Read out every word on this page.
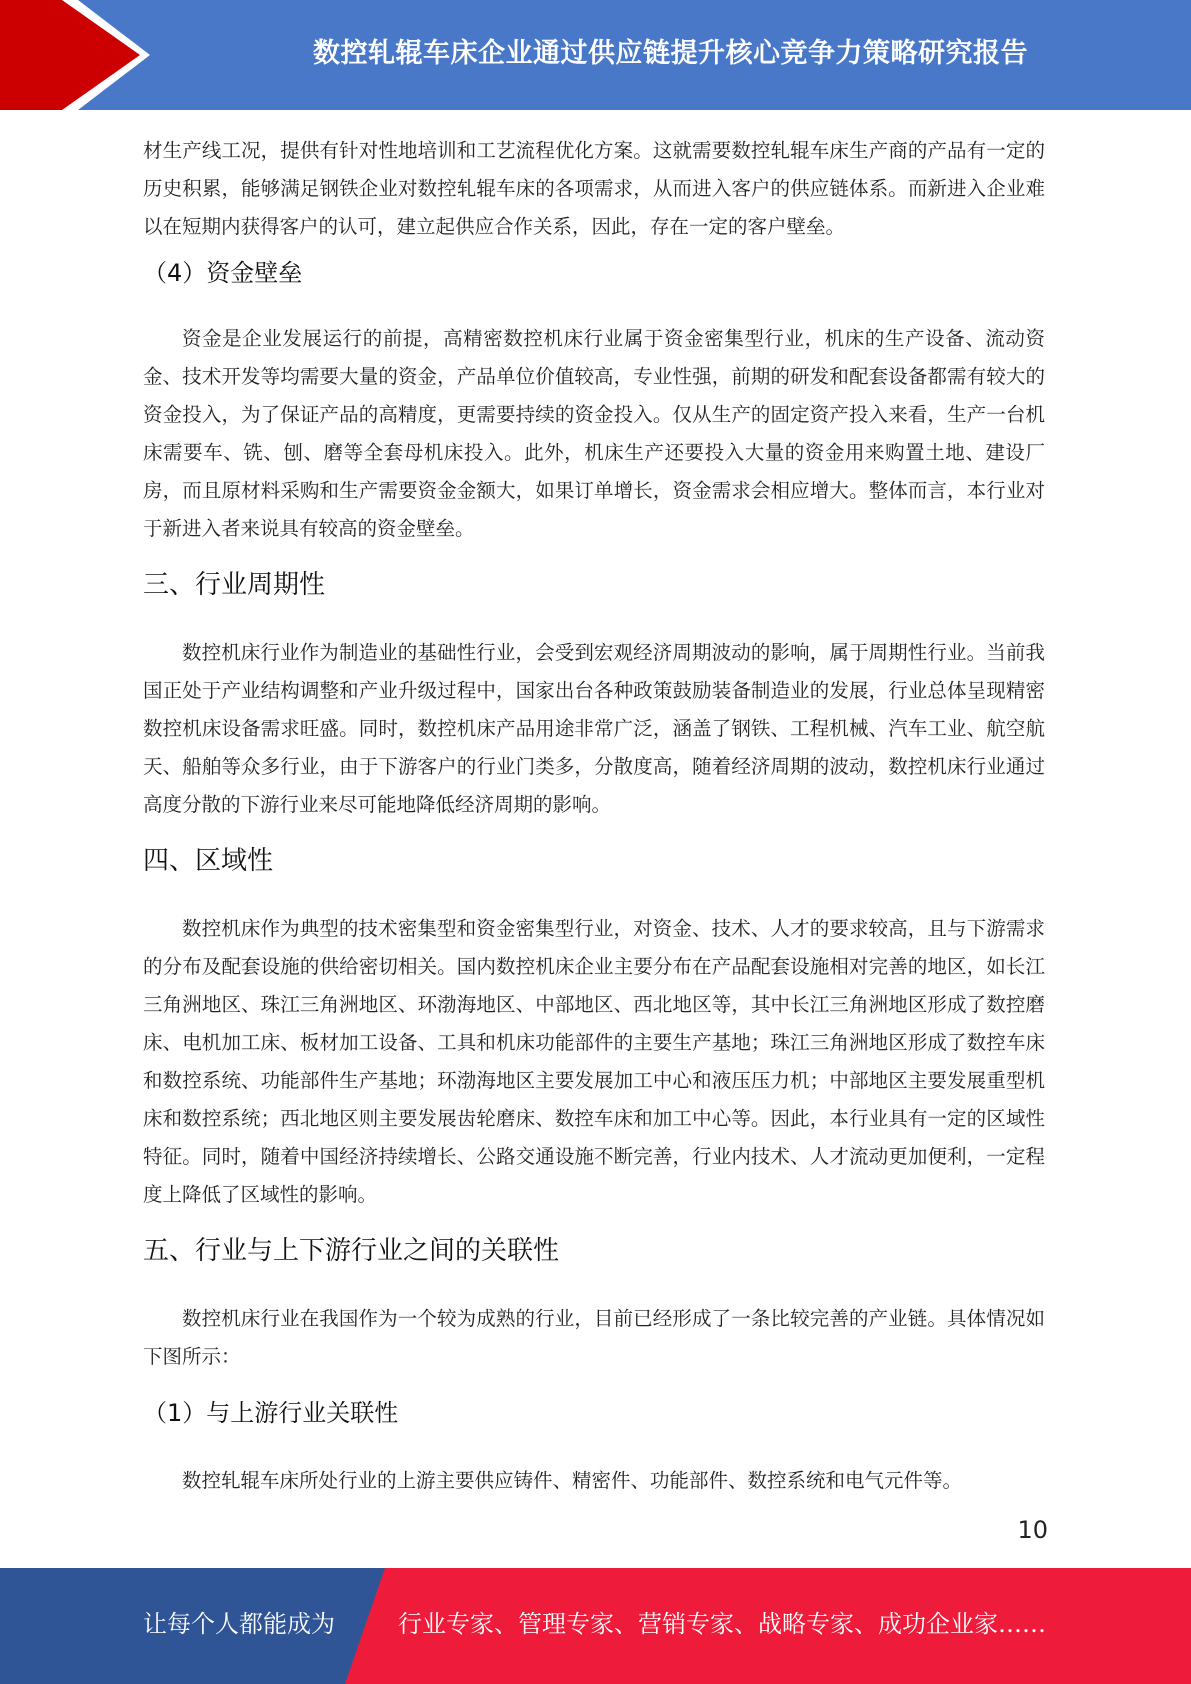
数控轧辊车床企业通过供应链提升核心竞争力策略研究报告

材生产线工况，提供有针对性地培训和工艺流程优化方案。这就需要数控轧辊车床生产商的产品有一定的历史积累，能够满足钢铁企业对数控轧辊车床的各项需求，从而进入客户的供应链体系。而新进入企业难以在短期内获得客户的认可，建立起供应合作关系，因此，存在一定的客户壁垒。

（4）资金壁垒

资金是企业发展运行的前提，高精密数控机床行业属于资金密集型行业，机床的生产设备、流动资金、技术开发等均需要大量的资金，产品单位价值较高，专业性强，前期的研发和配套设备都需有较大的资金投入，为了保证产品的高精度，更需要持续的资金投入。仅从生产的固定资产投入来看，生产一台机床需要车、铣、刨、磨等全套母机床投入。此外，机床生产还要投入大量的资金用来购置土地、建设厂房，而且原材料采购和生产需要资金金额大，如果订单增长，资金需求会相应增大。整体而言，本行业对于新进入者来说具有较高的资金壁垒。

三、行业周期性

数控机床行业作为制造业的基础性行业，会受到宏观经济周期波动的影响，属于周期性行业。当前我国正处于产业结构调整和产业升级过程中，国家出台各种政策鼓励装备制造业的发展，行业总体呈现精密数控机床设备需求旺盛。同时，数控机床产品用途非常广泛，涵盖了钢铁、工程机械、汽车工业、航空航天、船舶等众多行业，由于下游客户的行业门类多，分散度高，随着经济周期的波动，数控机床行业通过高度分散的下游行业来尽可能地降低经济周期的影响。

四、区域性

数控机床作为典型的技术密集型和资金密集型行业，对资金、技术、人才的要求较高，且与下游需求的分布及配套设施的供给密切相关。国内数控机床企业主要分布在产品配套设施相对完善的地区，如长江三角洲地区、珠江三角洲地区、环渤海地区、中部地区、西北地区等，其中长江三角洲地区形成了数控磨床、电机加工床、板材加工设备、工具和机床功能部件的主要生产基地；珠江三角洲地区形成了数控车床和数控系统、功能部件生产基地；环渤海地区主要发展加工中心和液压压力机；中部地区主要发展重型机床和数控系统；西北地区则主要发展齿轮磨床、数控车床和加工中心等。因此，本行业具有一定的区域性特征。同时，随着中国经济持续增长、公路交通设施不断完善，行业内技术、人才流动更加便利，一定程度上降低了区域性的影响。

五、行业与上下游行业之间的关联性

数控机床行业在我国作为一个较为成熟的行业，目前已经形成了一条比较完善的产业链。具体情况如下图所示：

（1）与上游行业关联性

数控轧辊车床所处行业的上游主要供应铸件、精密件、功能部件、数控系统和电气元件等。

10
让每个人都能成为	行业专家、管理专家、营销专家、战略专家、成功企业家……
